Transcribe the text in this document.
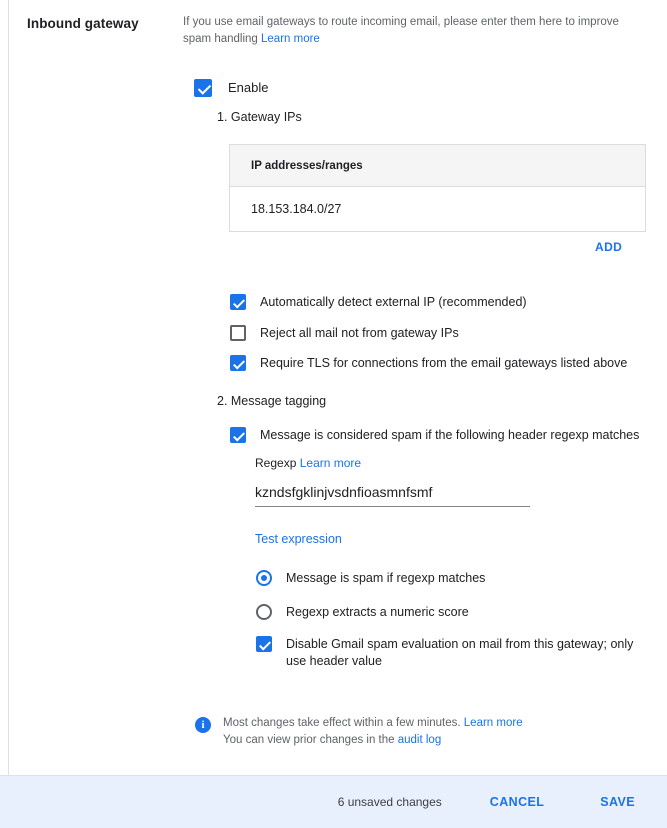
Inbound gateway	If you use email gateways to route incoming email, please enter them here to improve spam handling Learn more
Enable
1. Gateway IPs
IP addresses/ranges
18.153.184.0/27
ADD
Automatically detect external IP (recommended)
Reject all mail not from gateway IPs
Require TLS for connections from the email gateways listed above
2. Message tagging
Message is considered spam if the following header regexp matches
Regexp Learn more
kzndsfgklinjvsdnfioasmnfsmf
Test expression
Message is spam if regexp matches
Regexp extracts a numeric score
Disable Gmail spam evaluation on mail from this gateway; only use header value
i	Most changes take effect within a few minutes. Learn more
You can view prior changes in the audit log
6 unsaved changes	CANCEL	SAVE
